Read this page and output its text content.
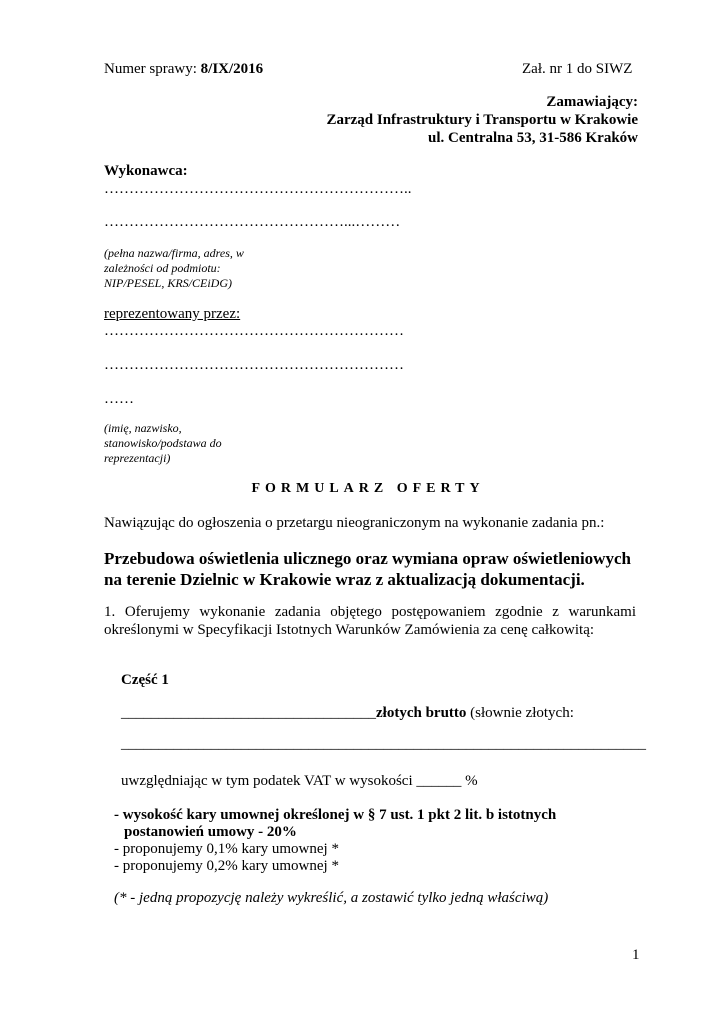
Numer sprawy: 8/IX/2016	Zał. nr 1 do SIWZ
Zamawiający:
Zarząd Infrastruktury i Transportu w Krakowie
ul. Centralna 53, 31-586 Kraków
Wykonawca:
……………………………………………………..
…………………………………………...………
(pełna nazwa/firma, adres, w
zależności od podmiotu:
NIP/PESEL, KRS/CEiDG)
reprezentowany przez:
……………………………………………………
……………………………………………………
……
(imię, nazwisko,
stanowisko/podstawa do
reprezentacji)
FORMULARZ OFERTY
Nawiązując do ogłoszenia o przetargu nieograniczonym na wykonanie zadania pn.:
Przebudowa oświetlenia ulicznego oraz wymiana opraw oświetleniowych
na terenie Dzielnic w Krakowie wraz z aktualizacją dokumentacji.
1. Oferujemy wykonanie zadania objętego postępowaniem zgodnie z warunkami
określonymi w Specyfikacji Istotnych Warunków Zamówienia za cenę całkowitą:
Część 1
__________________________________złotych brutto (słownie złotych:
______________________________________________________________________
uwzględniając w tym podatek VAT w wysokości ______ %
- wysokość kary umownej określonej w § 7 ust. 1 pkt 2 lit. b istotnych
postanowień umowy - 20%
- proponujemy 0,1% kary umownej *
- proponujemy 0,2% kary umownej *
(* - jedną propozycję należy wykreślić, a zostawić tylko jedną właściwą)
1
